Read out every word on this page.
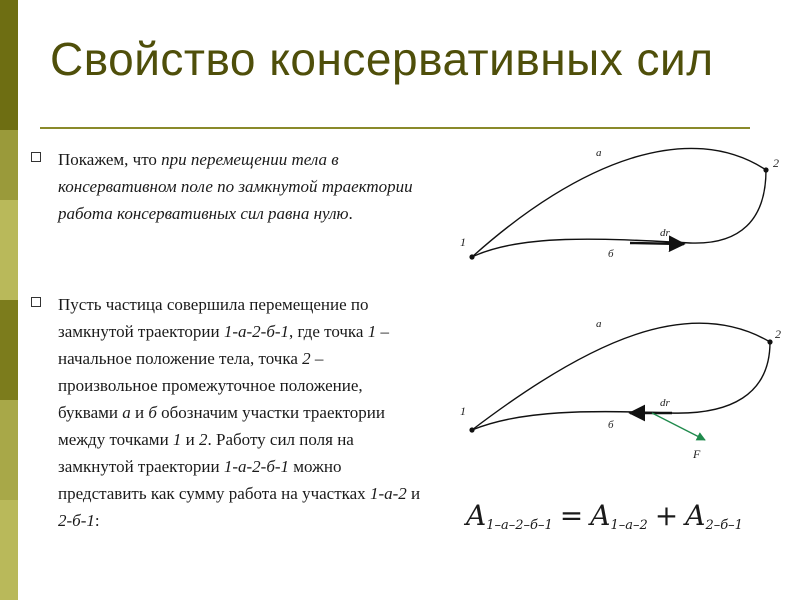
Свойство консервативных сил
Покажем, что при перемещении тела в консервативном поле по замкнутой траектории работа консервативных сил равна нулю.
Пусть частица совершила перемещение по замкнутой траектории 1-а-2-б-1, где точка 1 – начальное положение тела, точка 2 – произвольное промежуточное положение, буквами а и б обозначим участки траектории между точками 1 и 2. Работу сил поля на замкнутой траектории 1-а-2-б-1 можно представить как сумму работа на участках 1-а-2 и 2-б-1:
а
б
1
2
dr
а
б
1
2
dr
F
$A_{1-а-2-б-1} = A_{1-а-2} + A_{2-б-1}$
